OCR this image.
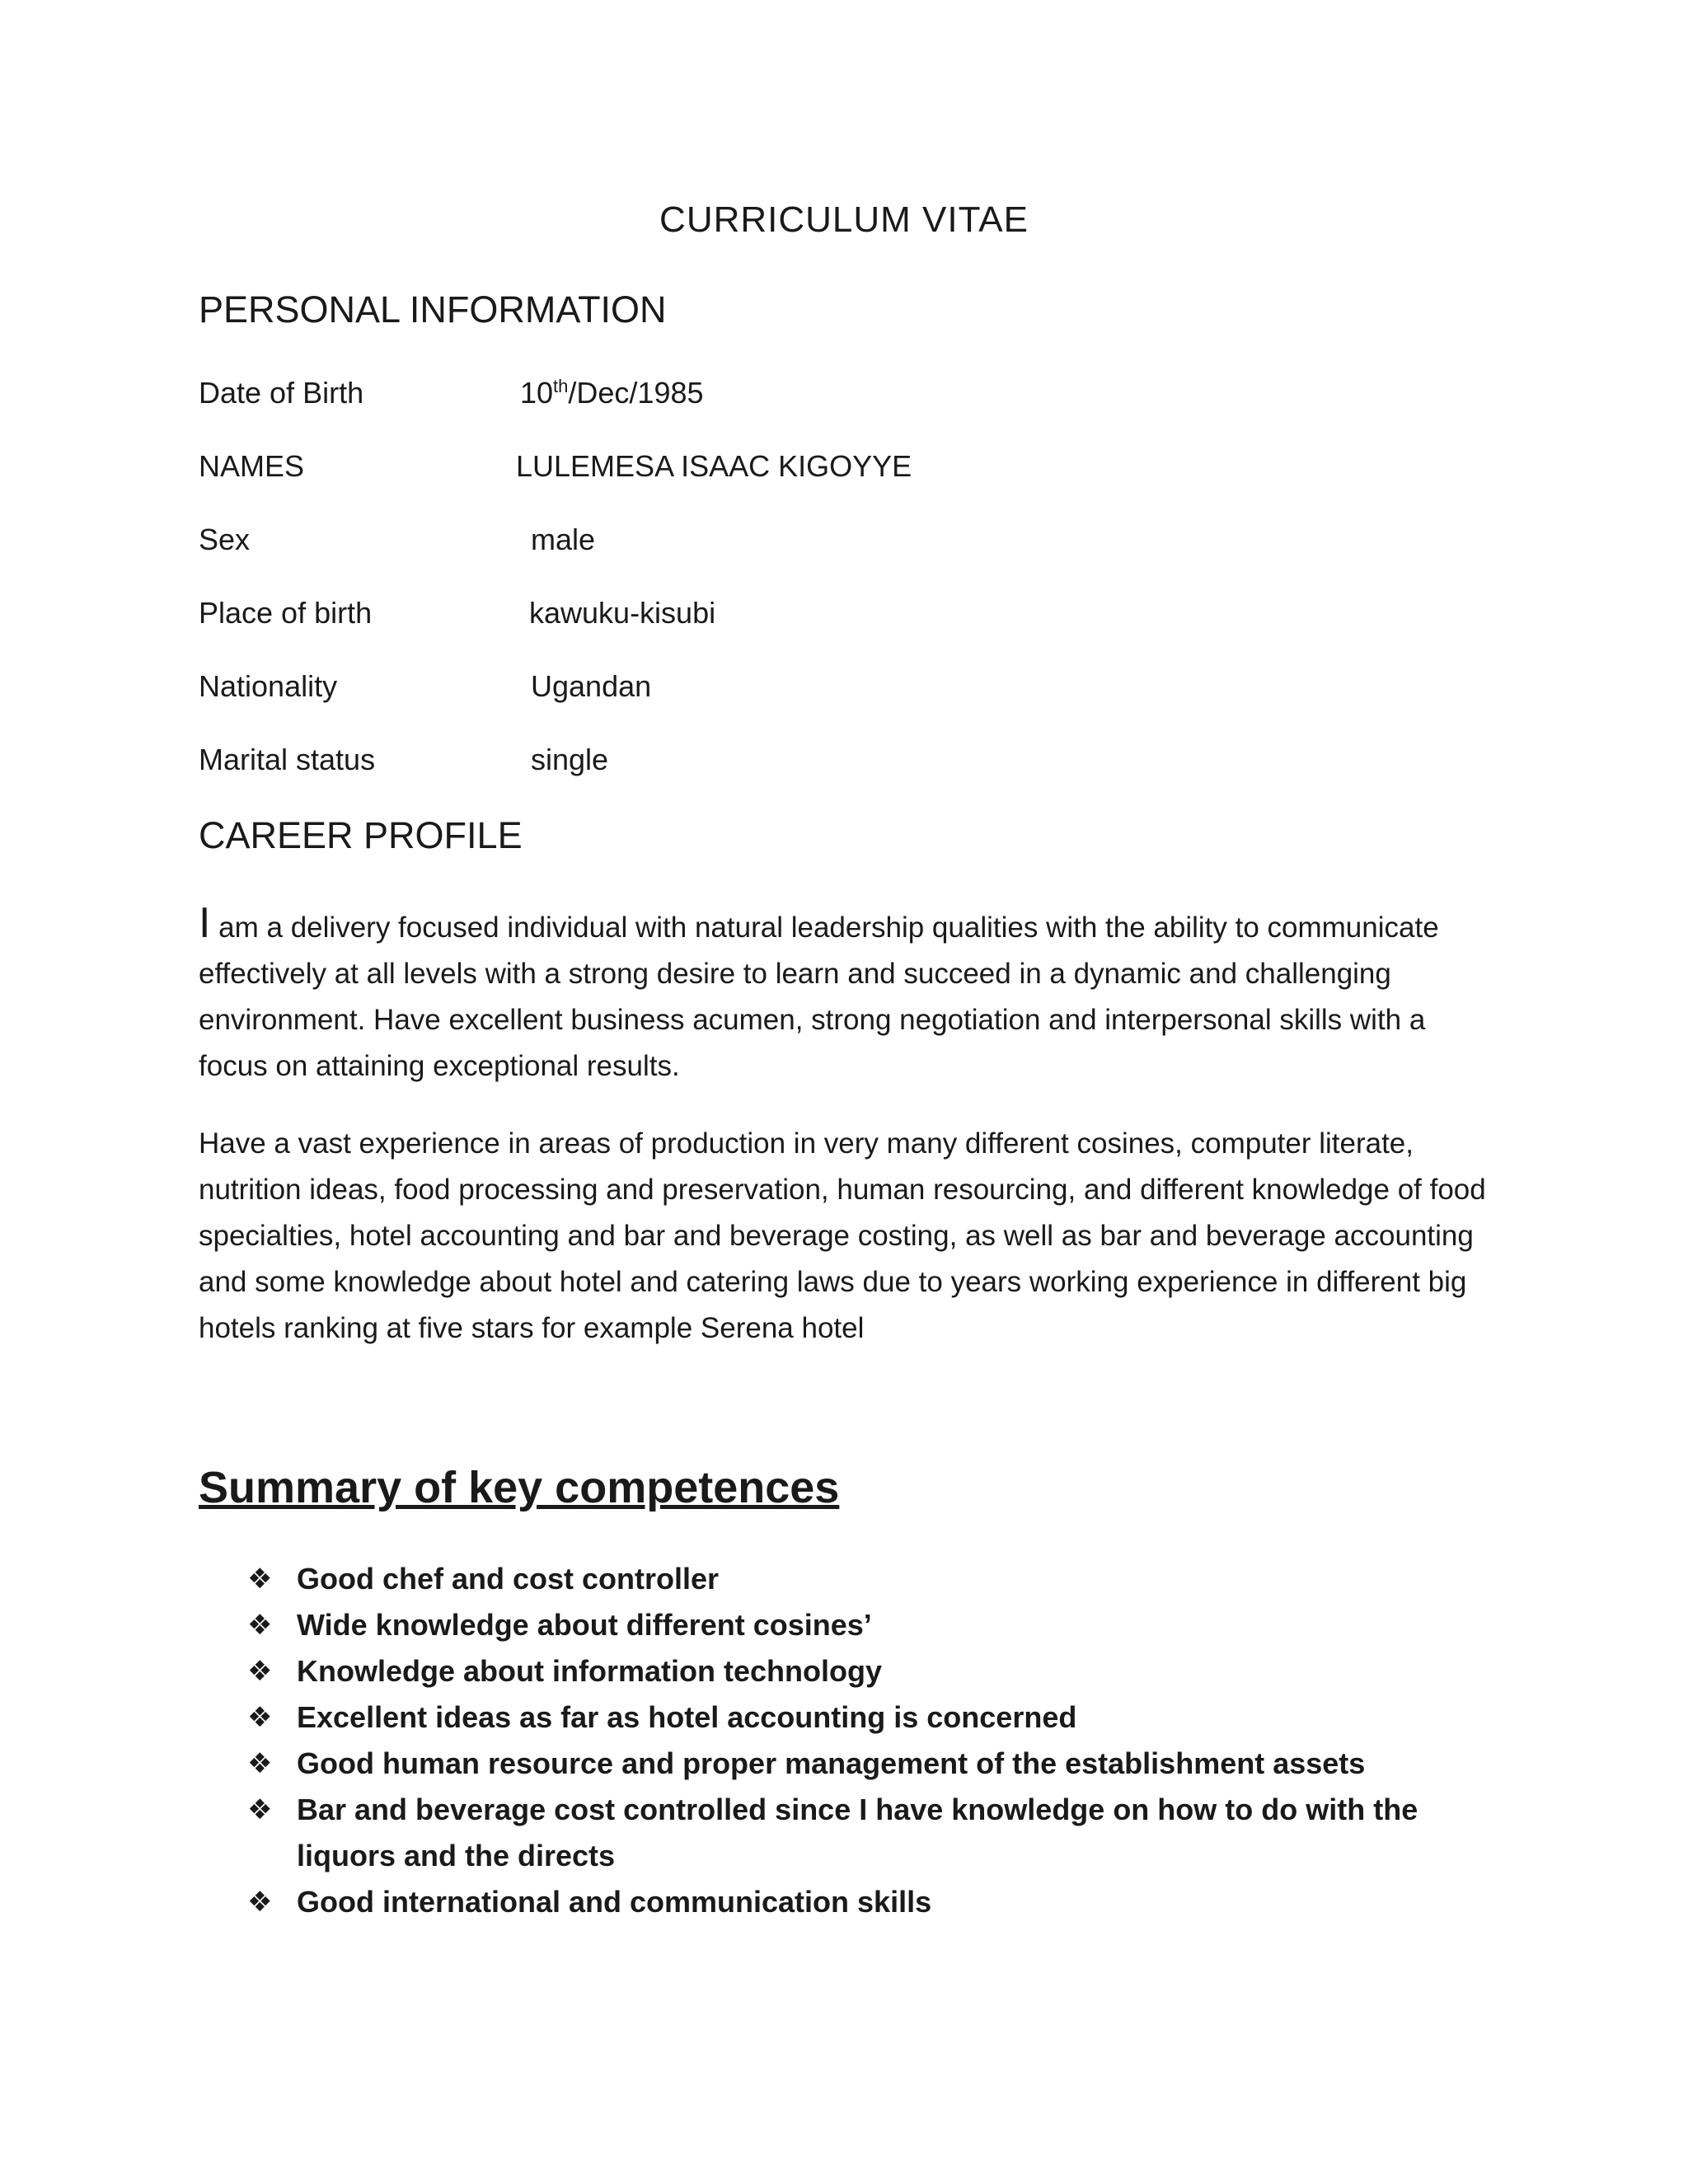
CURRICULUM VITAE
PERSONAL INFORMATION
Date of Birth	10th/Dec/1985
NAMES	LULEMESA ISAAC KIGOYYE
Sex	male
Place of birth	kawuku-kisubi
Nationality	Ugandan
Marital status	single
CAREER PROFILE
I am a delivery focused individual with natural leadership qualities with the ability to communicate effectively at all levels with a strong desire to learn and succeed in a dynamic and challenging environment. Have excellent business acumen, strong negotiation and interpersonal skills with a focus on attaining exceptional results.
Have a vast experience in areas of production in very many different cosines, computer literate, nutrition ideas, food processing and preservation, human resourcing, and different knowledge of food specialties, hotel accounting and bar and beverage costing, as well as bar and beverage accounting and some knowledge about hotel and catering laws due to years working experience in different big hotels ranking at five stars for example Serena hotel
Summary of key competences
❖ Good chef and cost controller
❖ Wide knowledge about different cosines’
❖ Knowledge about information technology
❖ Excellent ideas as far as hotel accounting is concerned
❖ Good human resource and proper management of the establishment assets
❖ Bar and beverage cost controlled since I have knowledge on how to do with the liquors and the directs
❖ Good international and communication skills
